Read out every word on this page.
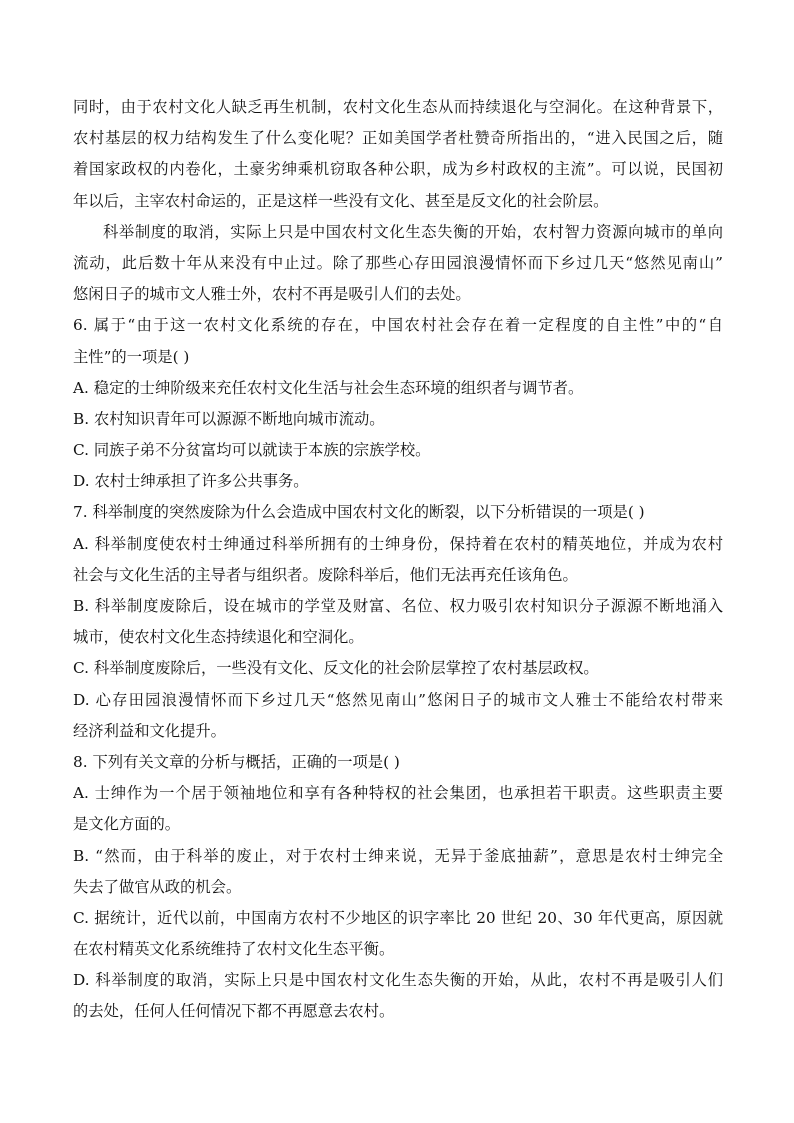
同时，由于农村文化人缺乏再生机制，农村文化生态从而持续退化与空洞化。在这种背景下，
农村基层的权力结构发生了什么变化呢？正如美国学者杜赞奇所指出的，“进入民国之后，随
着国家政权的内卷化，土豪劣绅乘机窃取各种公职，成为乡村政权的主流”。可以说，民国初
年以后，主宰农村命运的，正是这样一些没有文化、甚至是反文化的社会阶层。
科举制度的取消，实际上只是中国农村文化生态失衡的开始，农村智力资源向城市的单向
流动，此后数十年从来没有中止过。除了那些心存田园浪漫情怀而下乡过几天“悠然见南山”
悠闲日子的城市文人雅士外，农村不再是吸引人们的去处。
6. 属于“由于这一农村文化系统的存在，中国农村社会存在着一定程度的自主性”中的“自
主性”的一项是( )
A. 稳定的士绅阶级来充任农村文化生活与社会生态环境的组织者与调节者。
B. 农村知识青年可以源源不断地向城市流动。
C. 同族子弟不分贫富均可以就读于本族的宗族学校。
D. 农村士绅承担了许多公共事务。
7. 科举制度的突然废除为什么会造成中国农村文化的断裂，以下分析错误的一项是( )
A. 科举制度使农村士绅通过科举所拥有的士绅身份，保持着在农村的精英地位，并成为农村
社会与文化生活的主导者与组织者。废除科举后，他们无法再充任该角色。
B. 科举制度废除后，设在城市的学堂及财富、名位、权力吸引农村知识分子源源不断地涌入
城市，使农村文化生态持续退化和空洞化。
C. 科举制度废除后，一些没有文化、反文化的社会阶层掌控了农村基层政权。
D. 心存田园浪漫情怀而下乡过几天“悠然见南山”悠闲日子的城市文人雅士不能给农村带来
经济利益和文化提升。
8. 下列有关文章的分析与概括，正确的一项是( )
A. 士绅作为一个居于领袖地位和享有各种特权的社会集团，也承担若干职责。这些职责主要
是文化方面的。
B. “然而，由于科举的废止，对于农村士绅来说，无异于釜底抽薪”，意思是农村士绅完全
失去了做官从政的机会。
C. 据统计，近代以前，中国南方农村不少地区的识字率比 20 世纪 20、30 年代更高，原因就
在农村精英文化系统维持了农村文化生态平衡。
D. 科举制度的取消，实际上只是中国农村文化生态失衡的开始，从此，农村不再是吸引人们
的去处，任何人任何情况下都不再愿意去农村。
